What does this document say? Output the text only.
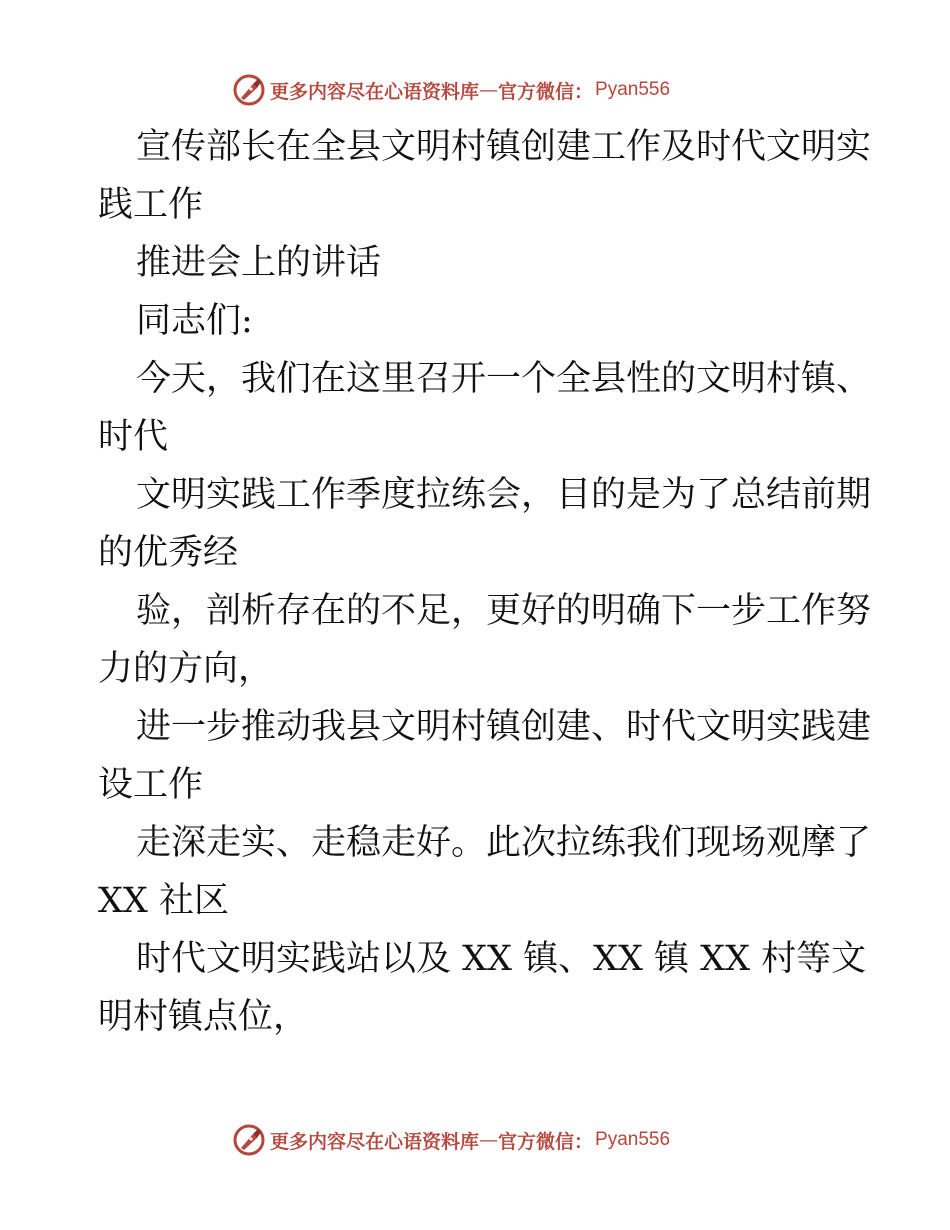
更多内容尽在心语资料库 — 官方微信： Pyan556
宣传部长在全县文明村镇创建工作及时代文明实
践工作
推进会上的讲话
同志们:
今天，我们在这里召开一个全县性的文明村镇、
时代
文明实践工作季度拉练会，目的是为了总结前期
的优秀经
验，剖析存在的不足，更好的明确下一步工作努
力的方向，
进一步推动我县文明村镇创建、时代文明实践建
设工作
走深走实、走稳走好。此次拉练我们现场观摩了
XX 社区
时代文明实践站以及 XX 镇、XX 镇 XX 村等文
明村镇点位，
更多内容尽在心语资料库 — 官方微信： Pyan556
